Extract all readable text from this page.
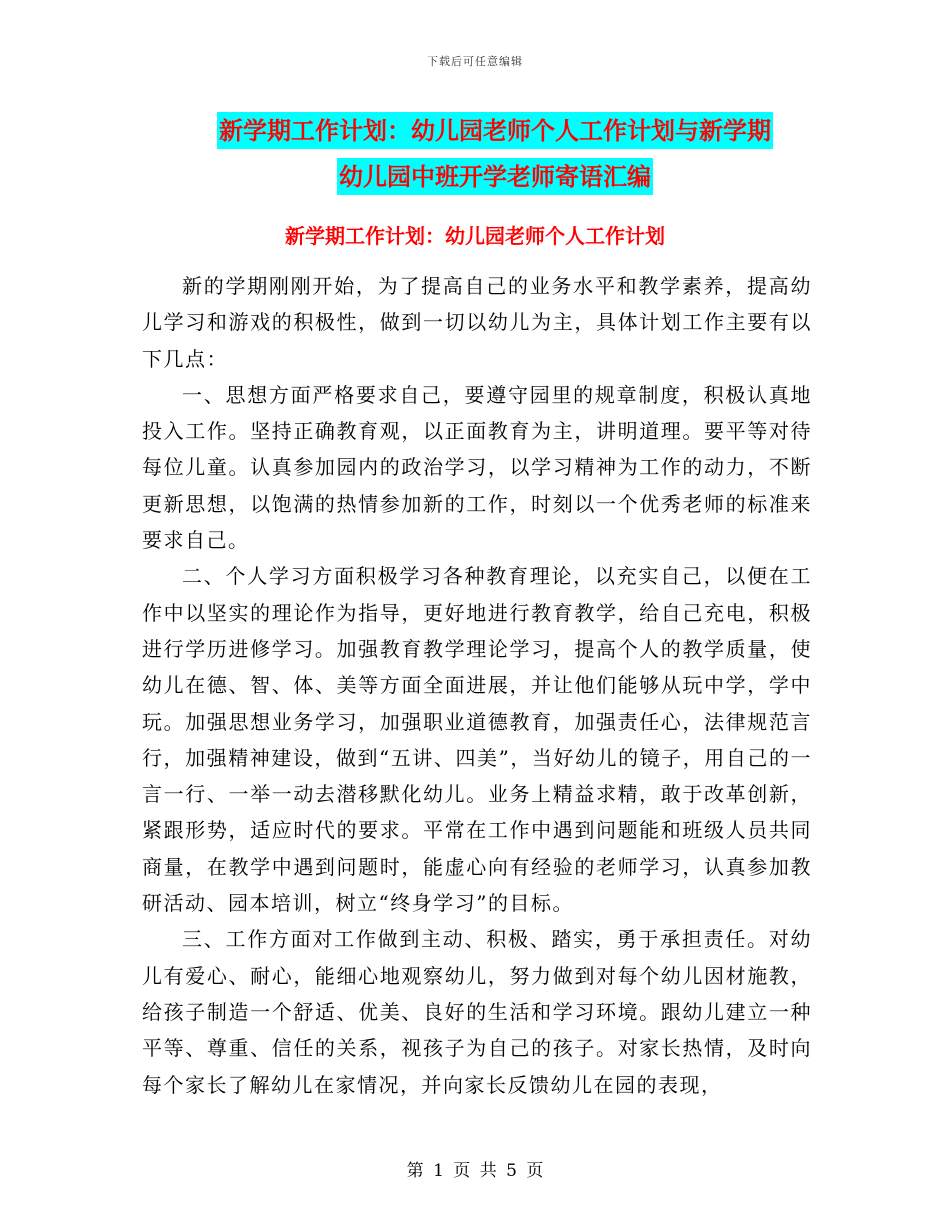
下载后可任意编辑
新学期工作计划：幼儿园老师个人工作计划与新学期
幼儿园中班开学老师寄语汇编
新学期工作计划：幼儿园老师个人工作计划

新的学期刚刚开始，为了提高自己的业务水平和教学素养，提高幼儿学习和游戏的积极性，做到一切以幼儿为主，具体计划工作主要有以下几点：

一、思想方面严格要求自己，要遵守园里的规章制度，积极认真地投入工作。坚持正确教育观，以正面教育为主，讲明道理。要平等对待每位儿童。认真参加园内的政治学习，以学习精神为工作的动力，不断更新思想，以饱满的热情参加新的工作，时刻以一个优秀老师的标准来要求自己。

二、个人学习方面积极学习各种教育理论，以充实自己，以便在工作中以坚实的理论作为指导，更好地进行教育教学，给自己充电，积极进行学历进修学习。加强教育教学理论学习，提高个人的教学质量，使幼儿在德、智、体、美等方面全面进展，并让他们能够从玩中学，学中玩。加强思想业务学习，加强职业道德教育，加强责任心，法律规范言行，加强精神建设，做到“五讲、四美”，当好幼儿的镜子，用自己的一言一行、一举一动去潜移默化幼儿。业务上精益求精，敢于改革创新，紧跟形势，适应时代的要求。平常在工作中遇到问题能和班级人员共同商量，在教学中遇到问题时，能虚心向有经验的老师学习，认真参加教研活动、园本培训，树立“终身学习”的目标。

三、工作方面对工作做到主动、积极、踏实，勇于承担责任。对幼儿有爱心、耐心，能细心地观察幼儿，努力做到对每个幼儿因材施教，给孩子制造一个舒适、优美、良好的生活和学习环境。跟幼儿建立一种平等、尊重、信任的关系，视孩子为自己的孩子。对家长热情，及时向每个家长了解幼儿在家情况，并向家长反馈幼儿在园的表现，

第 1 页 共 5 页
